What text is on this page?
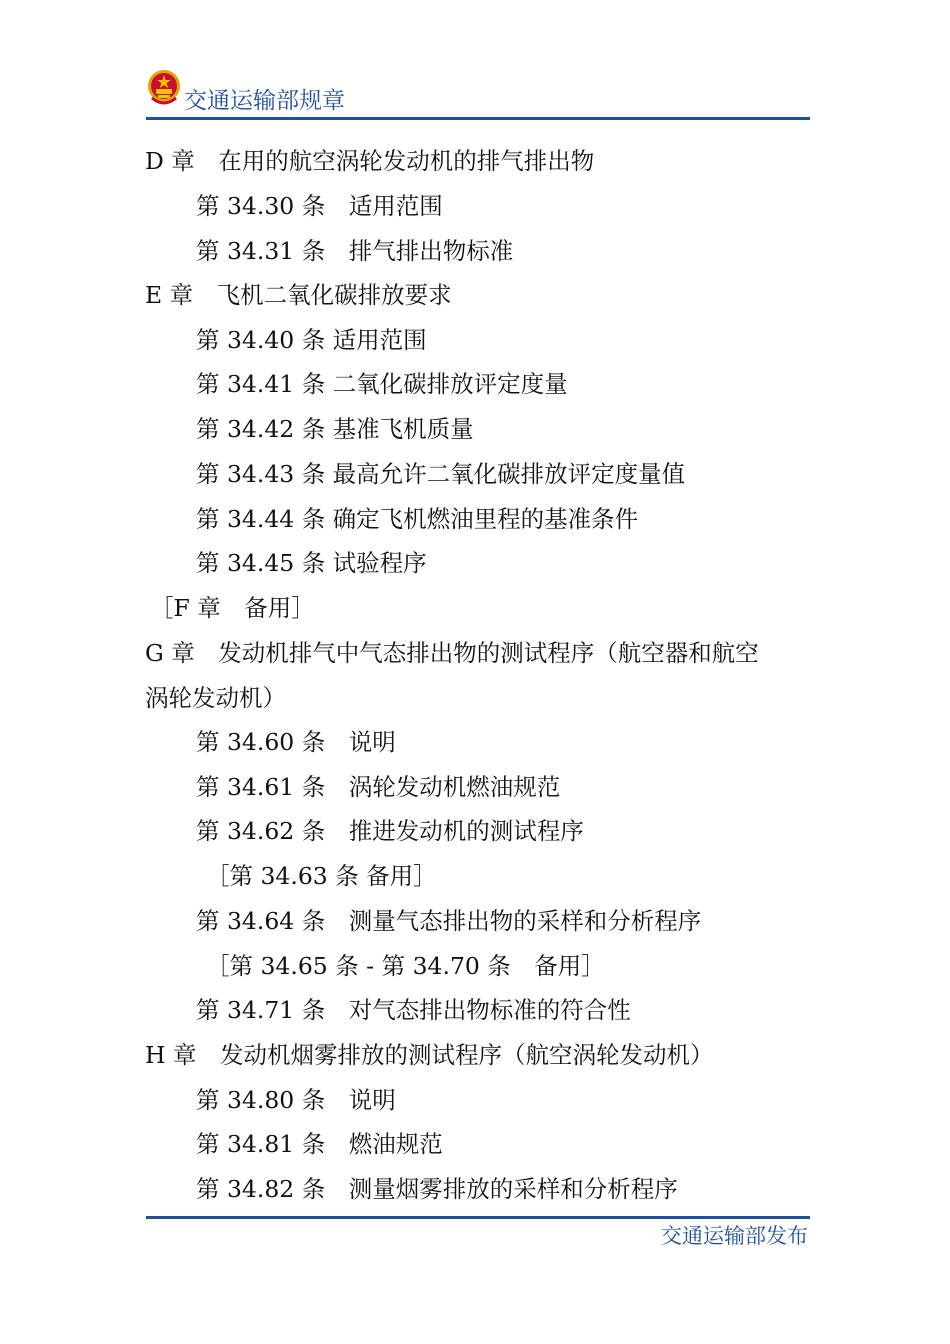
交通运输部规章
D 章　在用的航空涡轮发动机的排气排出物
第 34.30 条　适用范围
第 34.31 条　排气排出物标准
E 章　飞机二氧化碳排放要求
第 34.40 条 适用范围
第 34.41 条 二氧化碳排放评定度量
第 34.42 条 基准飞机质量
第 34.43 条 最高允许二氧化碳排放评定度量值
第 34.44 条 确定飞机燃油里程的基准条件
第 34.45 条 试验程序
［F 章　备用］
G 章　发动机排气中气态排出物的测试程序（航空器和航空
涡轮发动机）
第 34.60 条　说明
第 34.61 条　涡轮发动机燃油规范
第 34.62 条　推进发动机的测试程序
［第 34.63 条 备用］
第 34.64 条　测量气态排出物的采样和分析程序
［第 34.65 条 - 第 34.70 条　备用］
第 34.71 条　对气态排出物标准的符合性
H 章　发动机烟雾排放的测试程序（航空涡轮发动机）
第 34.80 条　说明
第 34.81 条　燃油规范
第 34.82 条　测量烟雾排放的采样和分析程序
交通运输部发布
